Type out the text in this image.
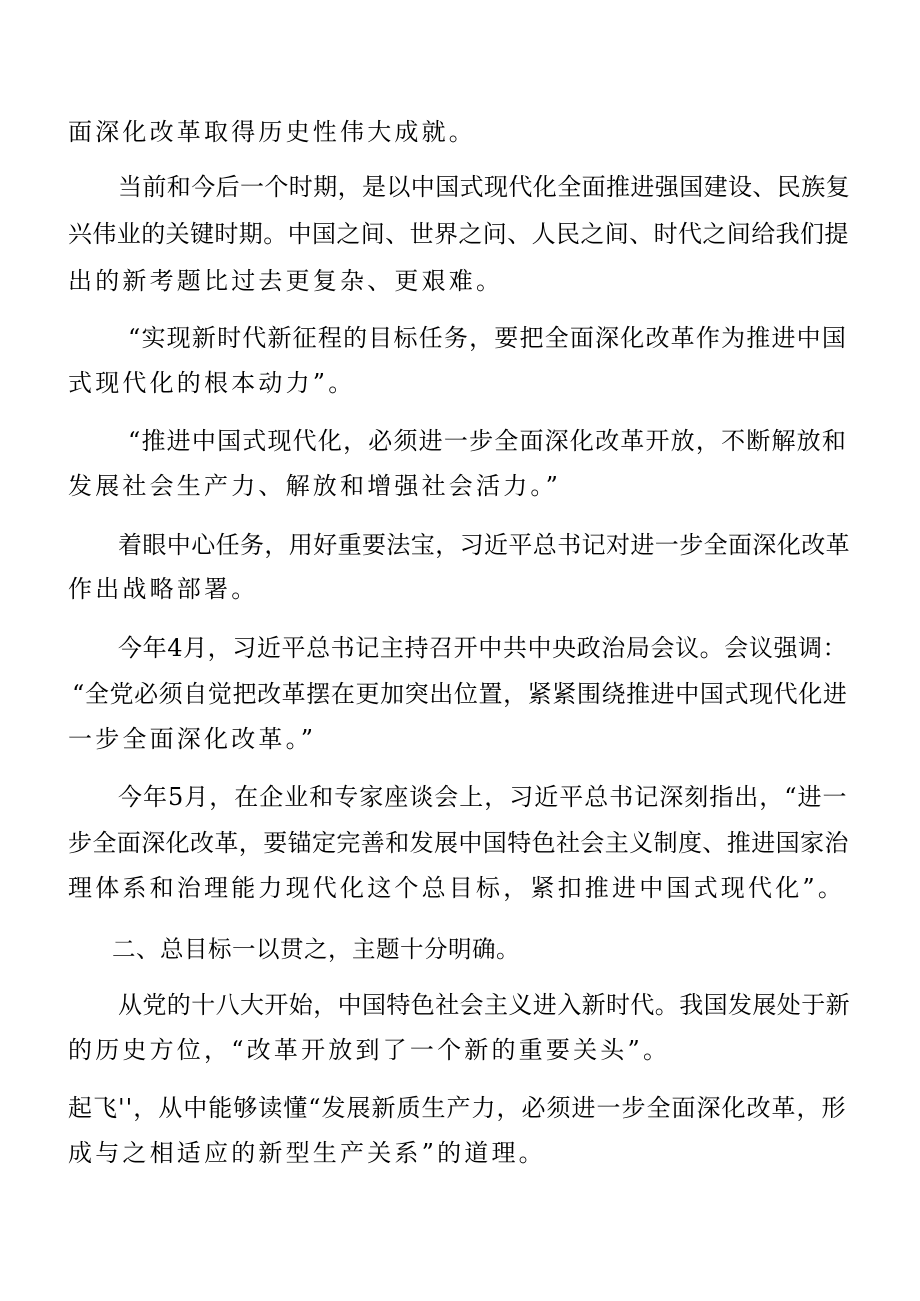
面深化改革取得历史性伟大成就。
当前和今后一个时期，是以中国式现代化全面推进强国建设、民族复
兴伟业的关键时期。中国之间、世界之问、人民之间、时代之间给我们提
出的新考题比过去更复杂、更艰难。
“实现新时代新征程的目标任务，要把全面深化改革作为推进中国
式现代化的根本动力”。
“推进中国式现代化，必须进一步全面深化改革开放，不断解放和
发展社会生产力、解放和增强社会活力。”
着眼中心任务，用好重要法宝，习近平总书记对进一步全面深化改革
作出战略部署。
今年4月，习近平总书记主持召开中共中央政治局会议。会议强调：
“全党必须自觉把改革摆在更加突出位置，紧紧围绕推进中国式现代化进
一步全面深化改革。”
今年5月，在企业和专家座谈会上，习近平总书记深刻指出，“进一
步全面深化改革，要锚定完善和发展中国特色社会主义制度、推进国家治
理体系和治理能力现代化这个总目标，紧扣推进中国式现代化”。
二、总目标一以贯之，主题十分明确。
从党的十八大开始，中国特色社会主义进入新时代。我国发展处于新
的历史方位，“改革开放到了一个新的重要关头”。
起飞''，从中能够读懂“发展新质生产力，必须进一步全面深化改革，形
成与之相适应的新型生产关系”的道理。
